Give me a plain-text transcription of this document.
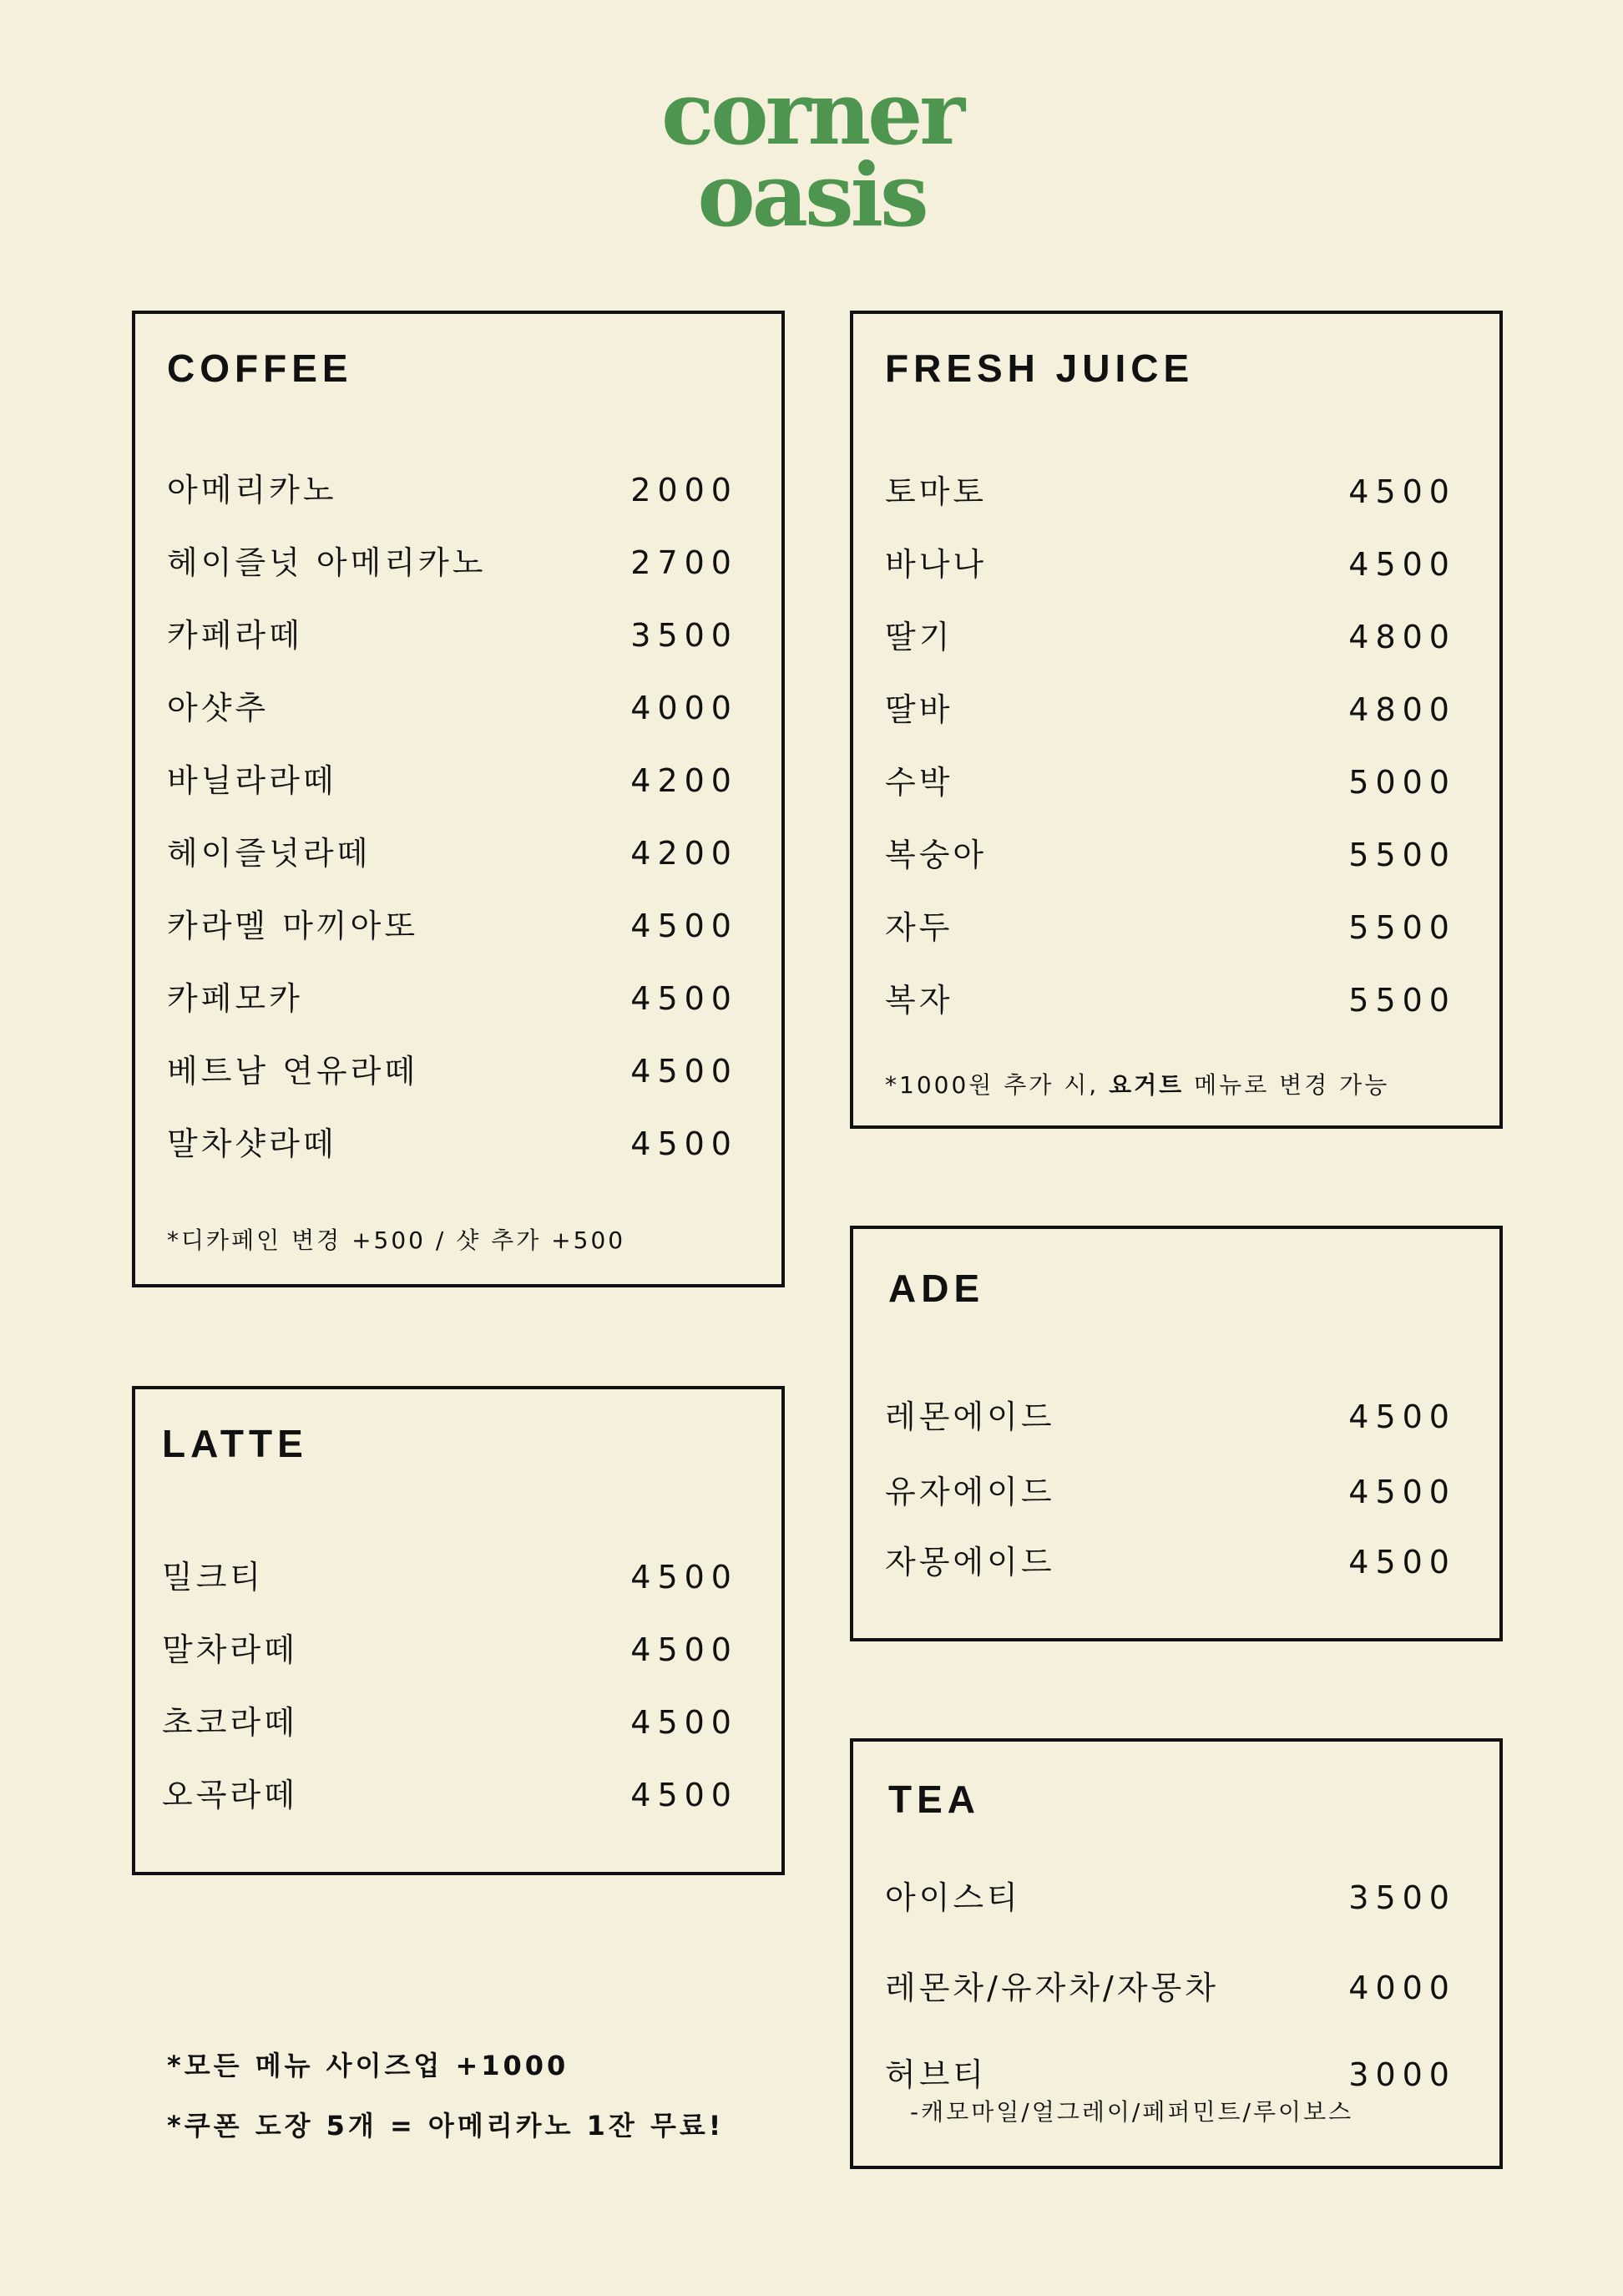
corner
oasis
COFFEE
아메리카노	2000
헤이즐넛 아메리카노	2700
카페라떼	3500
아샷추	4000
바닐라라떼	4200
헤이즐넛라떼	4200
카라멜 마끼아또	4500
카페모카	4500
베트남 연유라떼	4500
말차샷라떼	4500
*디카페인 변경 +500 / 샷 추가 +500
FRESH JUICE
토마토	4500
바나나	4500
딸기	4800
딸바	4800
수박	5000
복숭아	5500
자두	5500
복자	5500
*1000원 추가 시, 요거트 메뉴로 변경 가능
LATTE
밀크티	4500
말차라떼	4500
초코라떼	4500
오곡라떼	4500
ADE
레몬에이드	4500
유자에이드	4500
자몽에이드	4500
TEA
아이스티	3500
레몬차/유자차/자몽차	4000
허브티	3000
-캐모마일/얼그레이/페퍼민트/루이보스
*모든 메뉴 사이즈업 +1000
*쿠폰 도장 5개 = 아메리카노 1잔 무료!
